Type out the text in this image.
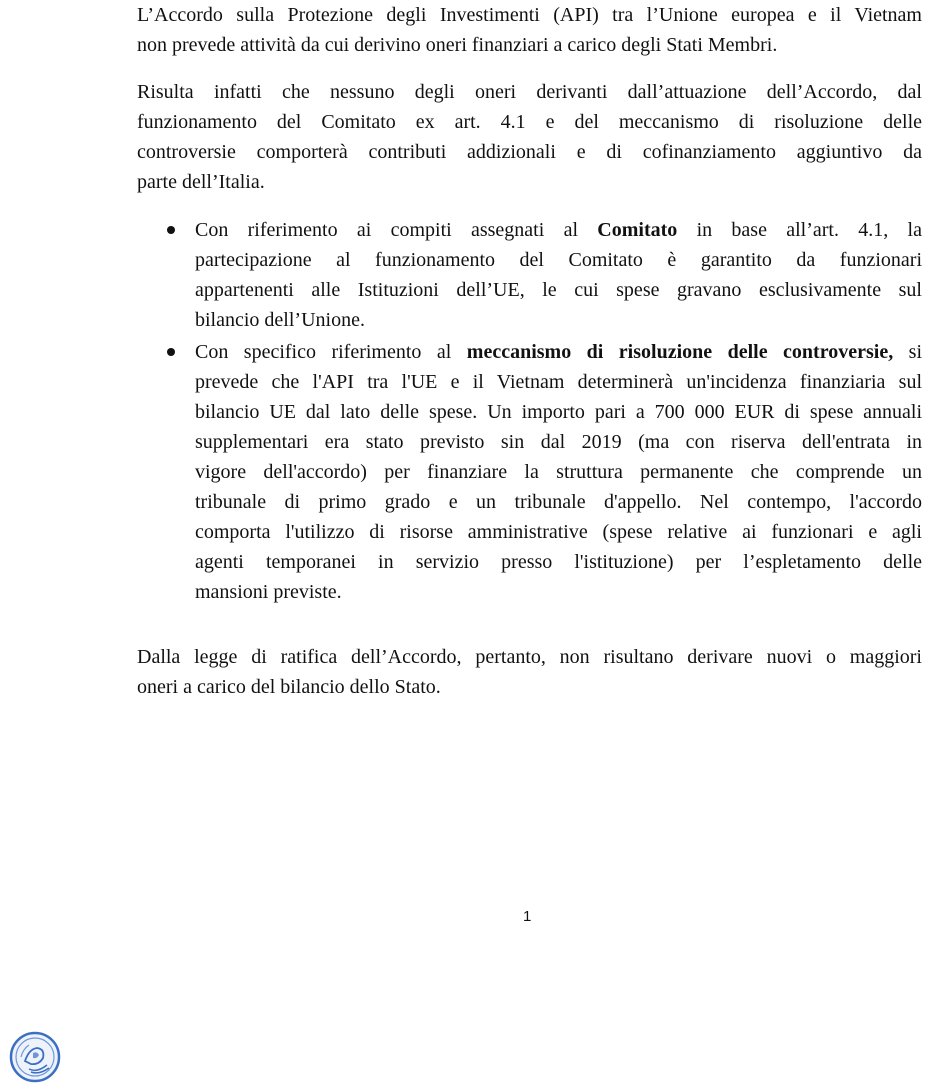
L’Accordo sulla Protezione degli Investimenti (API) tra l’Unione europea e il Vietnam
non prevede attività da cui derivino oneri finanziari a carico degli Stati Membri.
Risulta infatti che nessuno degli oneri derivanti dall’attuazione dell’Accordo, dal
funzionamento del Comitato ex art. 4.1 e del meccanismo di risoluzione delle
controversie comporterà contributi addizionali e di cofinanziamento aggiuntivo da
parte dell’Italia.
Con riferimento ai compiti assegnati al Comitato in base all’art. 4.1, la
partecipazione al funzionamento del Comitato è garantito da funzionari
appartenenti alle Istituzioni dell’UE, le cui spese gravano esclusivamente sul
bilancio dell’Unione.
Con specifico riferimento al meccanismo di risoluzione delle controversie, si
prevede che l'API tra l'UE e il Vietnam determinerà un'incidenza finanziaria sul
bilancio UE dal lato delle spese. Un importo pari a 700 000 EUR di spese annuali
supplementari era stato previsto sin dal 2019 (ma con riserva dell'entrata in
vigore dell'accordo) per finanziare la struttura permanente che comprende un
tribunale di primo grado e un tribunale d'appello. Nel contempo, l'accordo
comporta l'utilizzo di risorse amministrative (spese relative ai funzionari e agli
agenti temporanei in servizio presso l'istituzione) per l’espletamento delle
mansioni previste.
Dalla legge di ratifica dell’Accordo, pertanto, non risultano derivare nuovi o maggiori
oneri a carico del bilancio dello Stato.
1
